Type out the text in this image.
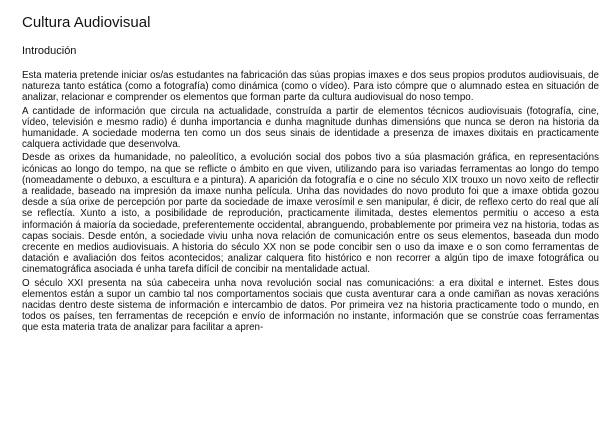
Cultura Audiovisual
Introdución

Esta materia pretende iniciar os/as estudantes na fabricación das súas propias imaxes e dos seus propios produtos audiovisuais, de natureza tanto estática (como a fotografía) como dinámica (como o vídeo). Para isto cómpre que o alumnado estea en situación de analizar, relacionar e comprender os elementos que forman parte da cultura audiovisual do noso tempo.

A cantidade de información que circula na actualidade, construída a partir de elementos técnicos audiovisuais (fotografía, cine, vídeo, televisión e mesmo radio) é dunha importancia e dunha magnitude dunhas dimensións que nunca se deron na historia da humanidade. A sociedade moderna ten como un dos seus sinais de identidade a presenza de imaxes dixitais en practicamente calquera actividade que desenvolva.

Desde as orixes da humanidade, no paleolítico, a evolución social dos pobos tivo a súa plasmación gráfica, en representacións icónicas ao longo do tempo, na que se reflicte o ámbito en que viven, utilizando para iso variadas ferramentas ao longo do tempo (nomeadamente o debuxo, a escultura e a pintura). A aparición da fotografía e o cine no século XIX trouxo un novo xeito de reflectir a realidade, baseado na impresión da imaxe nunha película. Unha das novidades do novo produto foi que a imaxe obtida gozou desde a súa orixe de percepción por parte da sociedade de imaxe verosímil e sen manipular, é dicir, de reflexo certo do real que alí se reflectía. Xunto a isto, a posibilidade de reprodución, practicamente ilimitada, destes elementos permitiu o acceso a esta información á maioría da sociedade, preferentemente occidental, abranguendo, probablemente por primeira vez na historia, todas as capas sociais. Desde entón, a sociedade viviu unha nova relación de comunicación entre os seus elementos, baseada dun modo crecente en medios audiovisuais. A historia do século XX non se pode concibir sen o uso da imaxe e o son como ferramentas de datación e avaliación dos feitos acontecidos; analizar calquera fito histórico e non recorrer a algún tipo de imaxe fotográfica ou cinematográfica asociada é unha tarefa difícil de concibir na mentalidade actual.

O século XXI presenta na súa cabeceira unha nova revolución social nas comunicacións: a era dixital e internet. Estes dous elementos están a supor un cambio tal nos comportamentos sociais que custa aventurar cara a onde camiñan as novas xeracións nacidas dentro deste sistema de información e intercambio de datos. Por primeira vez na historia practicamente todo o mundo, en todos os países, ten ferramentas de recepción e envío de información no instante, información que se constrúe coas ferramentas que esta materia trata de analizar para facilitar a apren-
